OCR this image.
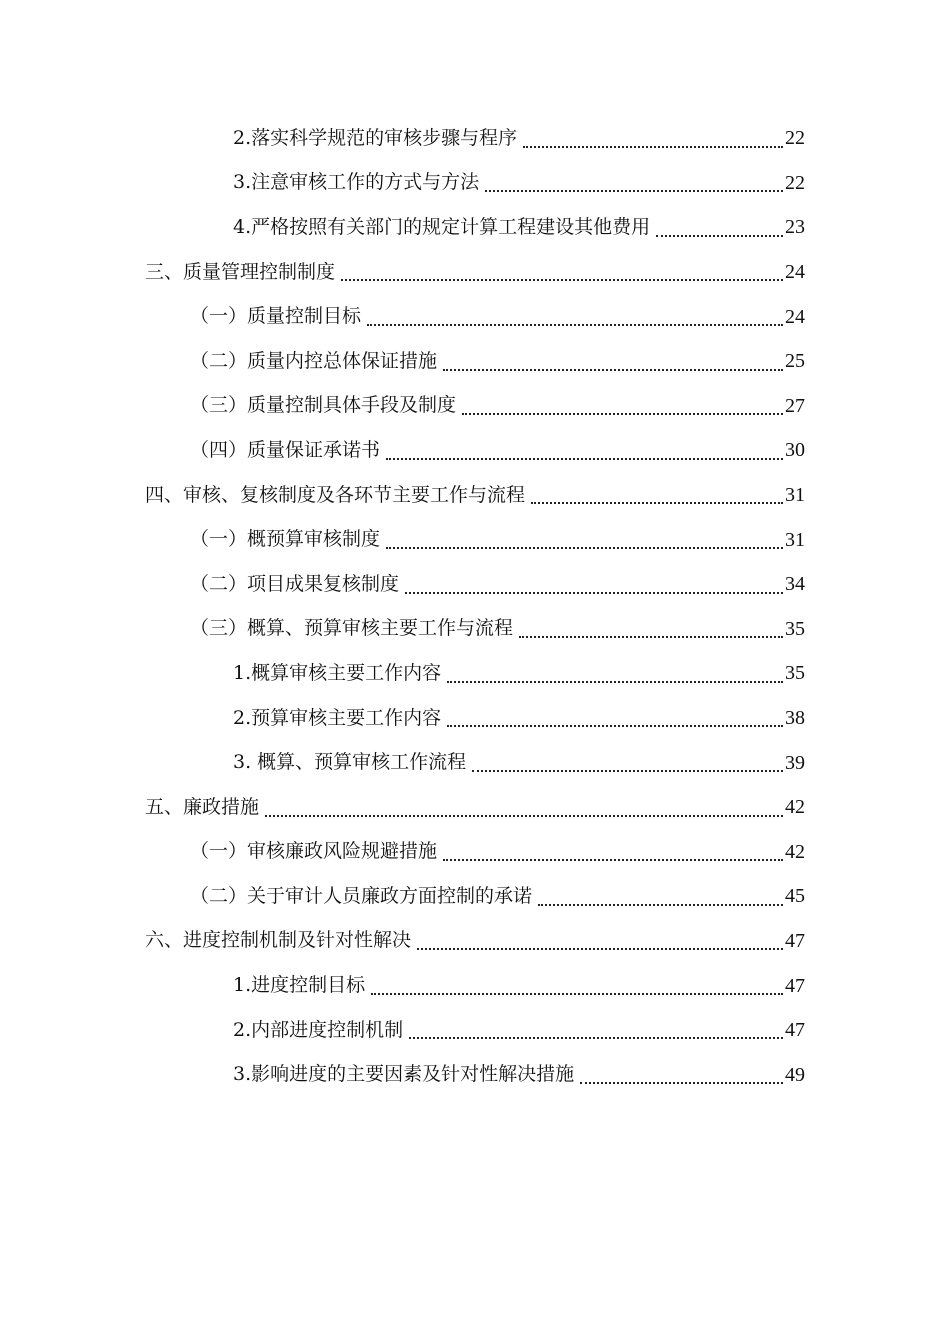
2.落实科学规范的审核步骤与程序	22
3.注意审核工作的方式与方法	22
4.严格按照有关部门的规定计算工程建设其他费用	23
三、质量管理控制制度	24
（一）质量控制目标	24
（二）质量内控总体保证措施	25
（三）质量控制具体手段及制度	27
（四）质量保证承诺书	30
四、审核、复核制度及各环节主要工作与流程	31
（一）概预算审核制度	31
（二）项目成果复核制度	34
（三）概算、预算审核主要工作与流程	35
1.概算审核主要工作内容	35
2.预算审核主要工作内容	38
3. 概算、预算审核工作流程	39
五、廉政措施	42
（一）审核廉政风险规避措施	42
（二）关于审计人员廉政方面控制的承诺	45
六、进度控制机制及针对性解决	47
1.进度控制目标	47
2.内部进度控制机制	47
3.影响进度的主要因素及针对性解决措施	49
